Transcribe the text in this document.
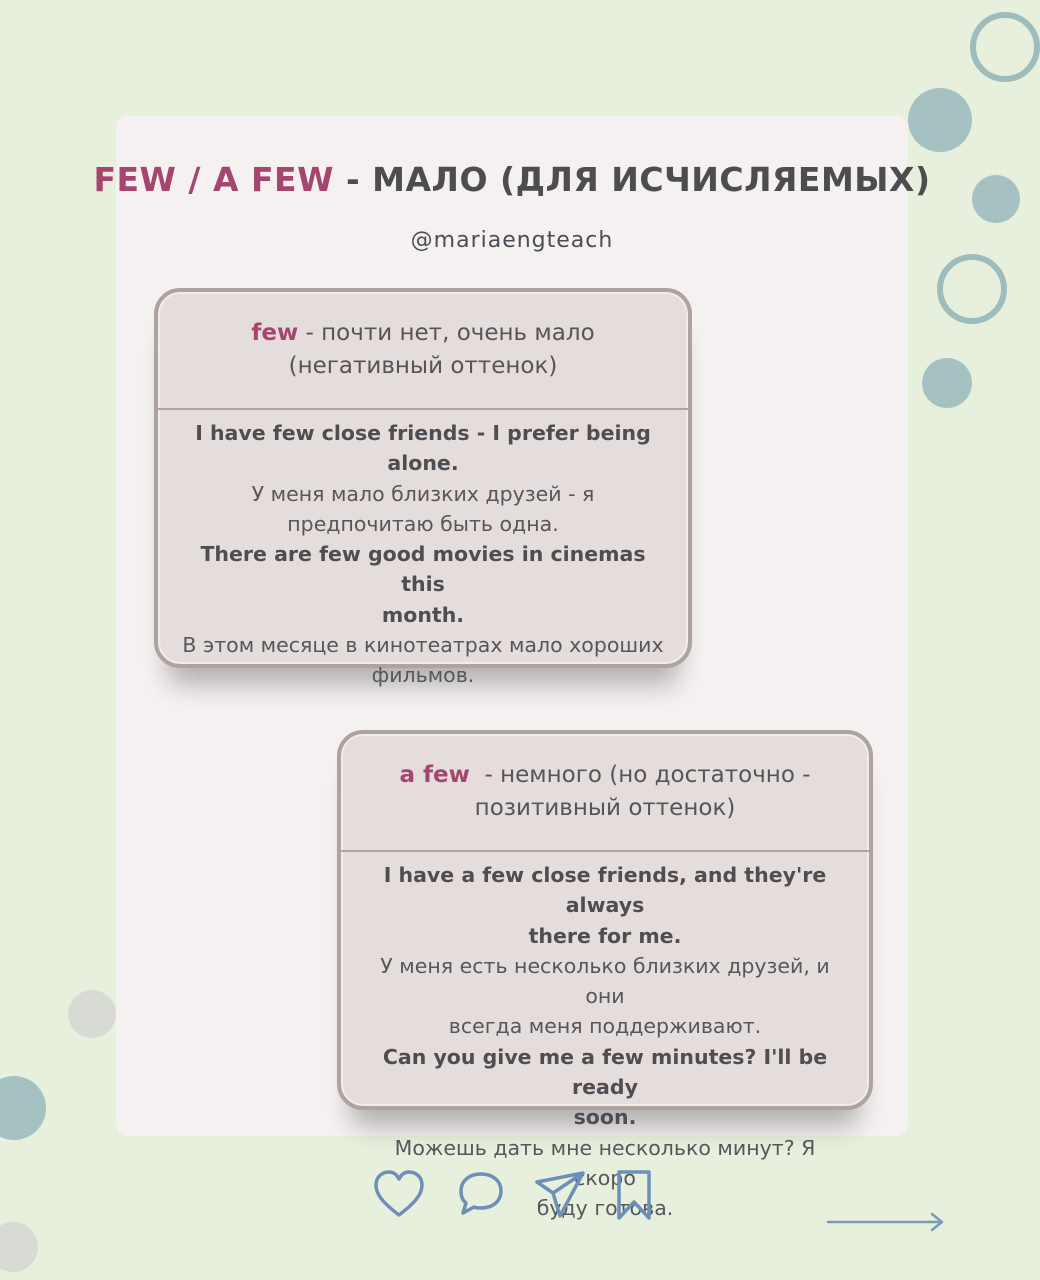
FEW / A FEW - МАЛО (ДЛЯ ИСЧИСЛЯЕМЫХ)
@mariaengteach
few - почти нет, очень мало
(негативный оттенок)
I have few close friends - I prefer being
alone.
У меня мало близких друзей - я
предпочитаю быть одна.
There are few good movies in cinemas this
month.
В этом месяце в кинотеатрах мало хороших
фильмов.
a few  - немного (но достаточно -
позитивный оттенок)
I have a few close friends, and they're always
there for me.
У меня есть несколько близких друзей, и они
всегда меня поддерживают.
Can you give me a few minutes? I'll be ready
soon.
Можешь дать мне несколько минут? Я скоро
буду готова.
